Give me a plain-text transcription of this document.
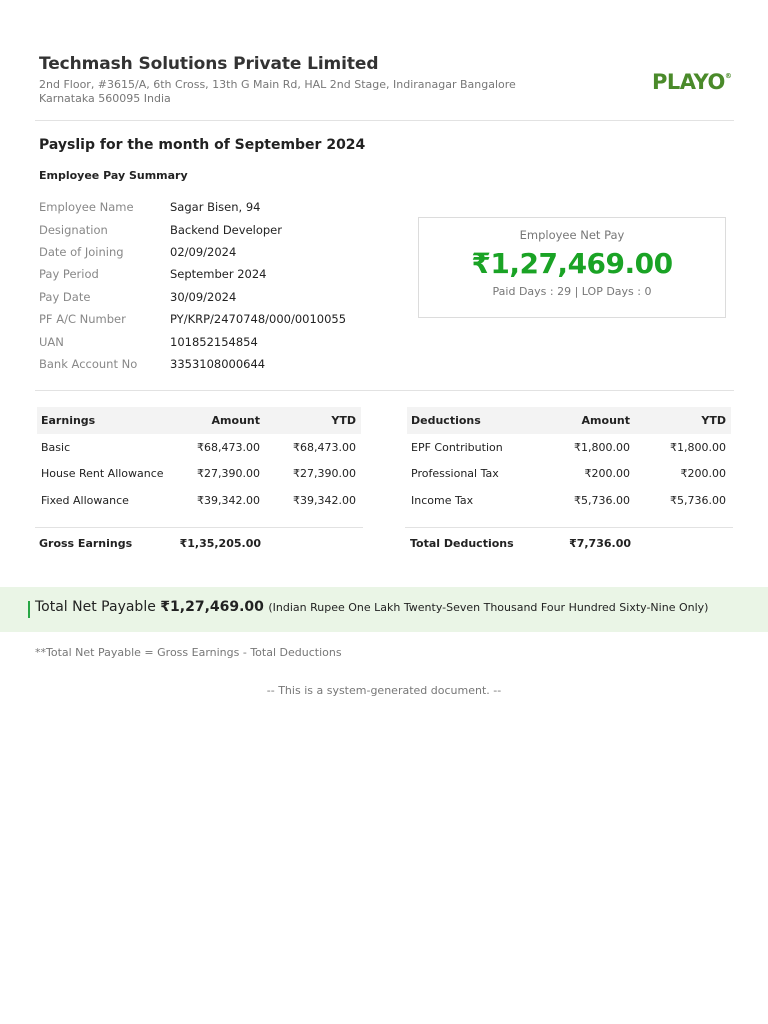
Techmash Solutions Private Limited
2nd Floor, #3615/A, 6th Cross, 13th G Main Rd, HAL 2nd Stage, Indiranagar Bangalore
Karnataka 560095 India
PLAYO®
Payslip for the month of September 2024
Employee Pay Summary
Employee Name	Sagar Bisen, 94
Designation	Backend Developer
Date of Joining	02/09/2024
Pay Period	September 2024
Pay Date	30/09/2024
PF A/C Number	PY/KRP/2470748/000/0010055
UAN	101852154854
Bank Account No	3353108000644
Employee Net Pay
₹1,27,469.00
Paid Days : 29 | LOP Days : 0
Earnings	Amount	YTD
Basic	₹68,473.00	₹68,473.00
House Rent Allowance	₹27,390.00	₹27,390.00
Fixed Allowance	₹39,342.00	₹39,342.00
Gross Earnings	₹1,35,205.00
Deductions	Amount	YTD
EPF Contribution	₹1,800.00	₹1,800.00
Professional Tax	₹200.00	₹200.00
Income Tax	₹5,736.00	₹5,736.00
Total Deductions	₹7,736.00
Total Net Payable ₹1,27,469.00 (Indian Rupee One Lakh Twenty-Seven Thousand Four Hundred Sixty-Nine Only)
**Total Net Payable = Gross Earnings - Total Deductions
-- This is a system-generated document. --
